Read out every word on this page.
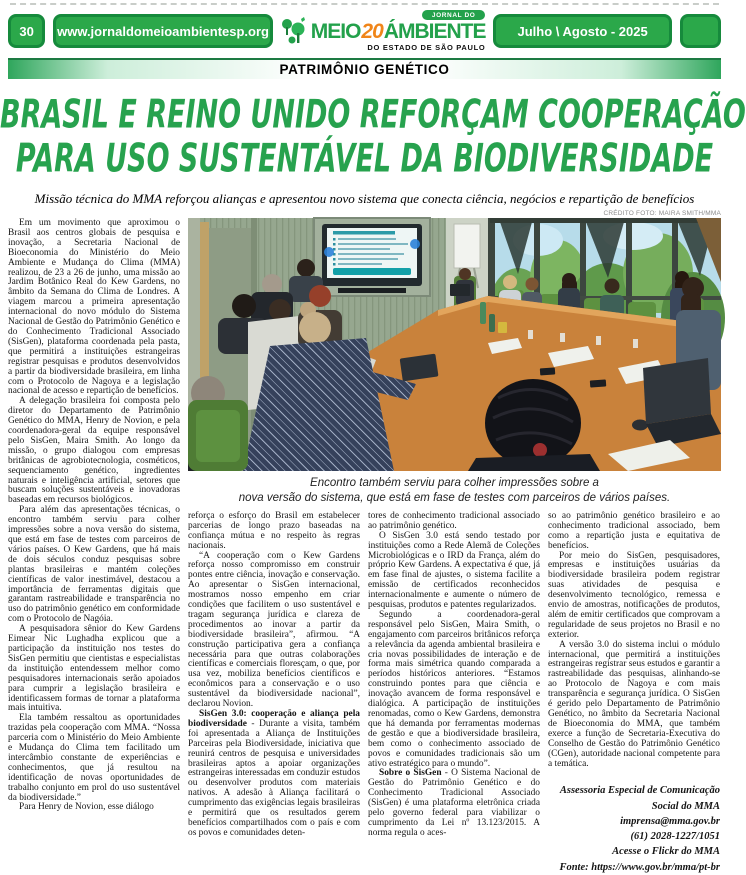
30	www.jornaldomeioambientesp.org
JORNAL DO
MEIO20ÁMBIENTE
DO ESTADO DE SÃO PAULO
Julho \ Agosto - 2025
PATRIMÔNIO GENÉTICO
BRASIL E REINO UNIDO REFORÇAM COOPERAÇÃO
PARA USO SUSTENTÁVEL DA BIODIVERSIDADE
Missão técnica do MMA reforçou alianças e apresentou novo sistema que conecta ciência, negócios e repartição de benefícios

Em um movimento que aproximou o Brasil aos centros globais de pesquisa e inovação, a Secretaria Nacional de Bioeconomia do Ministério do Meio Ambiente e Mudança do Clima (MMA) realizou, de 23 a 26 de junho, uma missão ao Jardim Botânico Real do Kew Gardens, no âmbito da Semana do Clima de Londres. A viagem marcou a primeira apresentação internacional do novo módulo do Sistema Nacional de Gestão do Patrimônio Genético e do Conhecimento Tradicional Associado (SisGen), plataforma coordenada pela pasta, que permitirá a instituições estrangeiras registrar pesquisas e produtos desenvolvidos a partir da biodiversidade brasileira, em linha com o Protocolo de Nagoya e a legislação nacional de acesso e repartição de benefícios.

A delegação brasileira foi composta pelo diretor do Departamento de Patrimônio Genético do MMA, Henry de Novion, e pela coordenadora-geral da equipe responsável pelo SisGen, Maira Smith. Ao longo da missão, o grupo dialogou com empresas britânicas de agrobiotecnologia, cosméticos, sequenciamento genético, ingredientes naturais e inteligência artificial, setores que buscam soluções sustentáveis e inovadoras baseadas em recursos biológicos.

Para além das apresentações técnicas, o encontro também serviu para colher impressões sobre a nova versão do sistema, que está em fase de testes com parceiros de vários países. O Kew Gardens, que há mais de dois séculos conduz pesquisas sobre plantas brasileiras e mantém coleções científicas de valor inestimável, destacou a importância de ferramentas digitais que garantam rastreabilidade e transparência no uso do patrimônio genético em conformidade com o Protocolo de Nagóia.

A pesquisadora sênior do Kew Gardens Eimear Nic Lughadha explicou que a participação da instituição nos testes do SisGen permitiu que cientistas e especialistas da instituição entendessem melhor como pesquisadores internacionais serão apoiados para cumprir a legislação brasileira e identificassem formas de tornar a plataforma mais intuitiva.

Ela também ressaltou as oportunidades trazidas pela cooperação com MMA. “Nossa parceria com o Ministério do Meio Ambiente e Mudança do Clima tem facilitado um intercâmbio constante de experiências e conhecimentos, que já resultou na identificação de novas oportunidades de trabalho conjunto em prol do uso sustentável da biodiversidade.”

Para Henry de Novion, esse diálogo

CRÉDITO FOTO: MAIRA SMITH/MMA
Encontro também serviu para colher impressões sobre a
nova versão do sistema, que está em fase de testes com parceiros de vários países.

reforça o esforço do Brasil em estabelecer parcerias de longo prazo baseadas na confiança mútua e no respeito às regras nacionais.

“A cooperação com o Kew Gardens reforça nosso compromisso em construir pontes entre ciência, inovação e conservação. Ao apresentar o SisGen internacional, mostramos nosso empenho em criar condições que facilitem o uso sustentável e tragam segurança jurídica e clareza de procedimentos ao inovar a partir da biodiversidade brasileira”, afirmou. “A construção participativa gera a confiança necessária para que outras colaborações científicas e comerciais floresçam, o que, por usa vez, mobiliza benefícios científicos e econômicos para a conservação e o uso sustentável da biodiversidade nacional”, declarou Novion.

SisGen 3.0: cooperação e aliança pela biodiversidade - Durante a visita, também foi apresentada a Aliança de Instituições Parceiras pela Biodiversidade, iniciativa que reunirá centros de pesquisa e universidades brasileiras aptos a apoiar organizações estrangeiras interessadas em conduzir estudos ou desenvolver produtos com materiais nativos. A adesão à Aliança facilitará o cumprimento das exigências legais brasileiras e permitirá que os resultados gerem benefícios compartilhados com o país e com os povos e comunidades deten-

tores de conhecimento tradicional associado ao patrimônio genético.

O SisGen 3.0 está sendo testado por instituições como a Rede Alemã de Coleções Microbiológicas e o IRD da França, além do próprio Kew Gardens. A expectativa é que, já em fase final de ajustes, o sistema facilite a emissão de certificados reconhecidos internacionalmente e aumente o número de pesquisas, produtos e patentes regularizados.

Segundo a coordenadora-geral responsável pelo SisGen, Maira Smith, o engajamento com parceiros britânicos reforça a relevância da agenda ambiental brasileira e cria novas possibilidades de interação e de forma mais simétrica quando comparada a períodos históricos anteriores. “Estamos construindo pontes para que ciência e inovação avancem de forma responsável e dialógica. A participação de instituições renomadas, como o Kew Gardens, demonstra que há demanda por ferramentas modernas de gestão e que a biodiversidade brasileira, bem como o conhecimento associado de povos e comunidades tradicionais são um ativo estratégico para o mundo”.

Sobre o SisGen - O Sistema Nacional de Gestão do Patrimônio Genético e do Conhecimento Tradicional Associado (SisGen) é uma plataforma eletrônica criada pelo governo federal para viabilizar o cumprimento da Lei nº 13.123/2015. A norma regula o aces-

so ao patrimônio genético brasileiro e ao conhecimento tradicional associado, bem como a repartição justa e equitativa de benefícios.

Por meio do SisGen, pesquisadores, empresas e instituições usuárias da biodiversidade brasileira podem registrar suas atividades de pesquisa e desenvolvimento tecnológico, remessa e envio de amostras, notificações de produtos, além de emitir certificados que comprovam a regularidade de seus projetos no Brasil e no exterior.

A versão 3.0 do sistema inclui o módulo internacional, que permitirá a instituições estrangeiras registrar seus estudos e garantir a rastreabilidade das pesquisas, alinhando-se ao Protocolo de Nagoya e com mais transparência e segurança jurídica. O SisGen é gerido pelo Departamento de Patrimônio Genético, no âmbito da Secretaria Nacional de Bioeconomia do MMA, que também exerce a função de Secretaria-Executiva do Conselho de Gestão do Patrimônio Genético (CGen), autoridade nacional competente para a temática.

Assessoria Especial de Comunicação
Social do MMA
imprensa@mma.gov.br
(61) 2028-1227/1051
Acesse o Flickr do MMA
Fonte: https://www.gov.br/mma/pt-br
